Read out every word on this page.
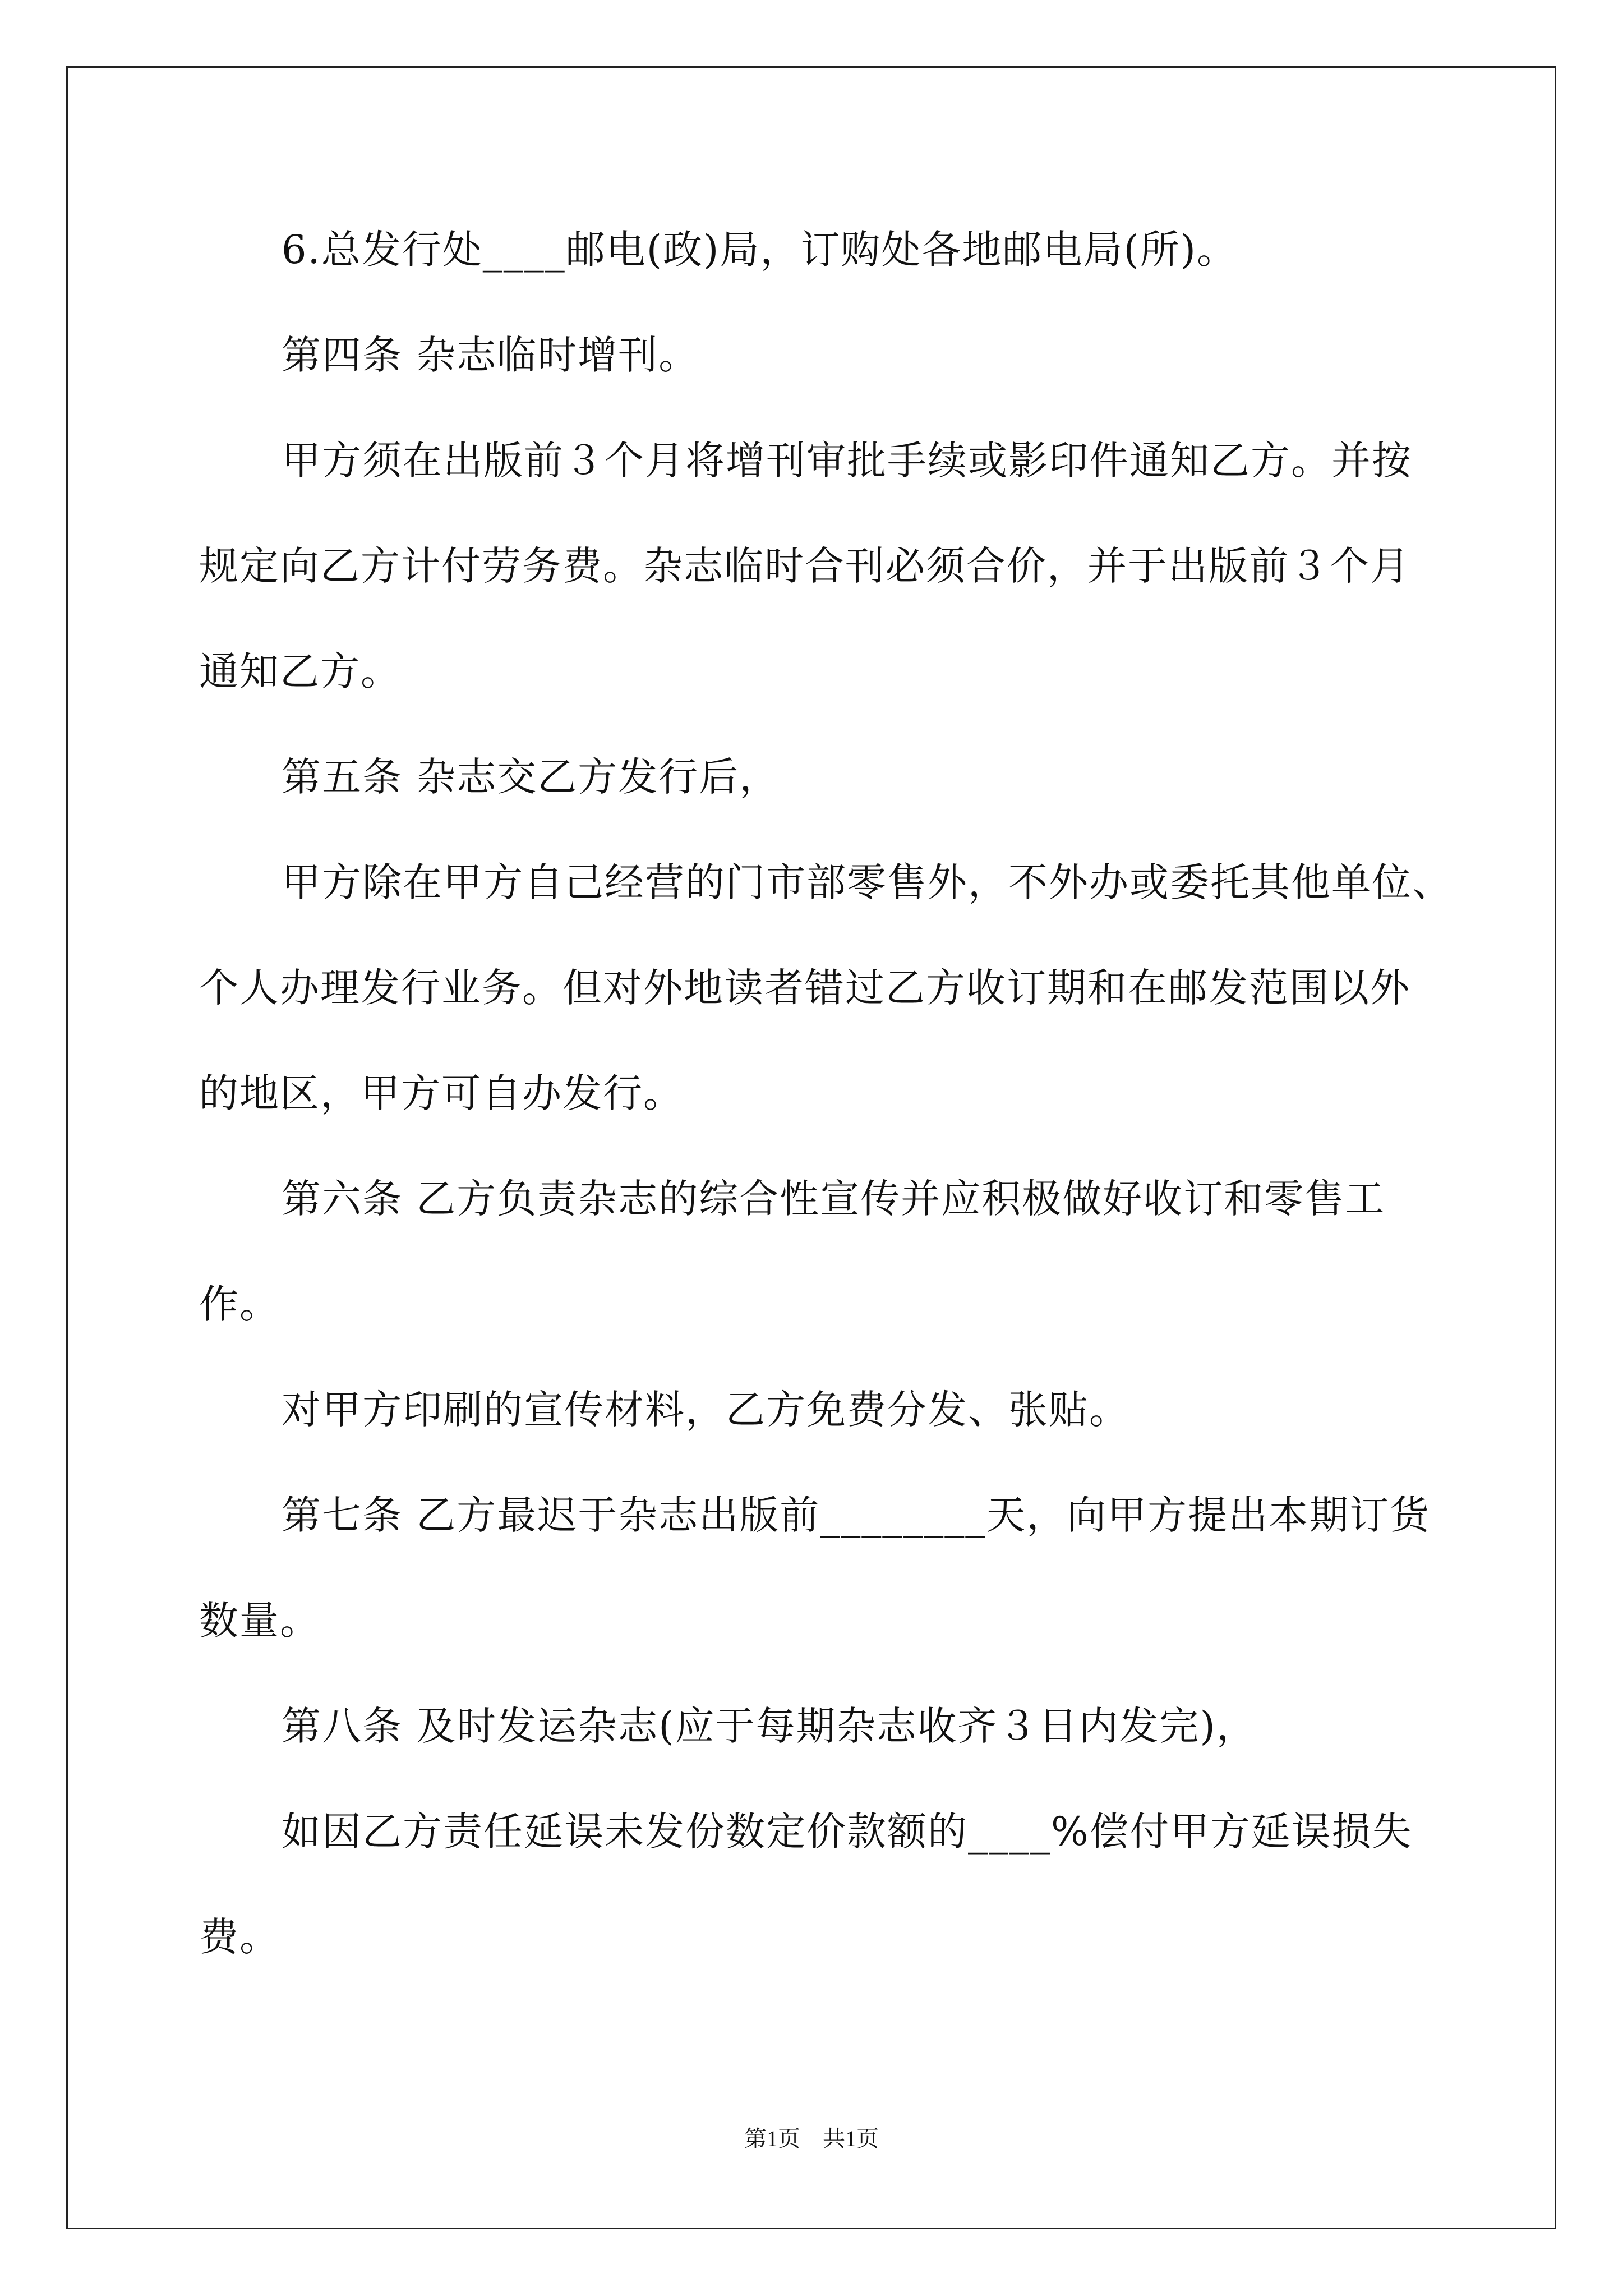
6.总发行处____邮电(政)局，订购处各地邮电局(所)。
第四条 杂志临时增刊。
甲方须在出版前３个月将增刊审批手续或影印件通知乙方。并按
规定向乙方计付劳务费。杂志临时合刊必须合价，并于出版前３个月
通知乙方。
第五条 杂志交乙方发行后，
甲方除在甲方自己经营的门市部零售外，不外办或委托其他单位、
个人办理发行业务。但对外地读者错过乙方收订期和在邮发范围以外
的地区，甲方可自办发行。
第六条 乙方负责杂志的综合性宣传并应积极做好收订和零售工
作。
对甲方印刷的宣传材料，乙方免费分发、张贴。
第七条 乙方最迟于杂志出版前________天，向甲方提出本期订货
数量。
第八条 及时发运杂志(应于每期杂志收齐３日内发完)，
如因乙方责任延误未发份数定价款额的____%偿付甲方延误损失
费。
第1页　共1页
